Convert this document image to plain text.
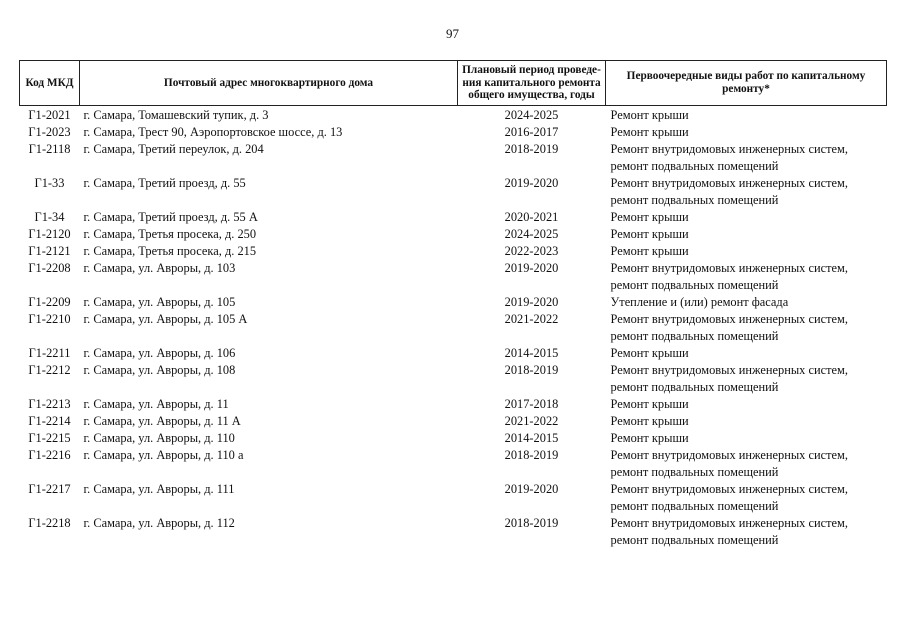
97
Код МКД	Почтовый адрес многоквартирного дома	Плановый период проведе-ния капитального ремонта общего имущества, годы	Первоочередные виды работ по капитальному ремонту*
Г1-2021	г. Самара, Томашевский тупик, д. 3	2024-2025	Ремонт крыши

Г1-2023	г. Самара, Трест 90, Аэропортовское шоссе, д. 13	2016-2017	Ремонт крыши

Г1-2118	г. Самара, Третий переулок, д. 204	2018-2019	Ремонт внутридомовых инженерных систем,
ремонт подвальных помещений

Г1-33	г. Самара, Третий проезд, д. 55	2019-2020	Ремонт внутридомовых инженерных систем,
ремонт подвальных помещений

Г1-34	г. Самара, Третий проезд, д. 55 А	2020-2021	Ремонт крыши

Г1-2120	г. Самара, Третья просека, д. 250	2024-2025	Ремонт крыши

Г1-2121	г. Самара, Третья просека, д. 215	2022-2023	Ремонт крыши

Г1-2208	г. Самара, ул. Авроры, д. 103	2019-2020	Ремонт внутридомовых инженерных систем,
ремонт подвальных помещений

Г1-2209	г. Самара, ул. Авроры, д. 105	2019-2020	Утепление и (или) ремонт фасада

Г1-2210	г. Самара, ул. Авроры, д. 105 А	2021-2022	Ремонт внутридомовых инженерных систем,
ремонт подвальных помещений

Г1-2211	г. Самара, ул. Авроры, д. 106	2014-2015	Ремонт крыши

Г1-2212	г. Самара, ул. Авроры, д. 108	2018-2019	Ремонт внутридомовых инженерных систем,
ремонт подвальных помещений

Г1-2213	г. Самара, ул. Авроры, д. 11	2017-2018	Ремонт крыши

Г1-2214	г. Самара, ул. Авроры, д. 11 А	2021-2022	Ремонт крыши

Г1-2215	г. Самара, ул. Авроры, д. 110	2014-2015	Ремонт крыши

Г1-2216	г. Самара, ул. Авроры, д. 110 а	2018-2019	Ремонт внутридомовых инженерных систем,
ремонт подвальных помещений

Г1-2217	г. Самара, ул. Авроры, д. 111	2019-2020	Ремонт внутридомовых инженерных систем,
ремонт подвальных помещений

Г1-2218	г. Самара, ул. Авроры, д. 112	2018-2019	Ремонт внутридомовых инженерных систем,
ремонт подвальных помещений
